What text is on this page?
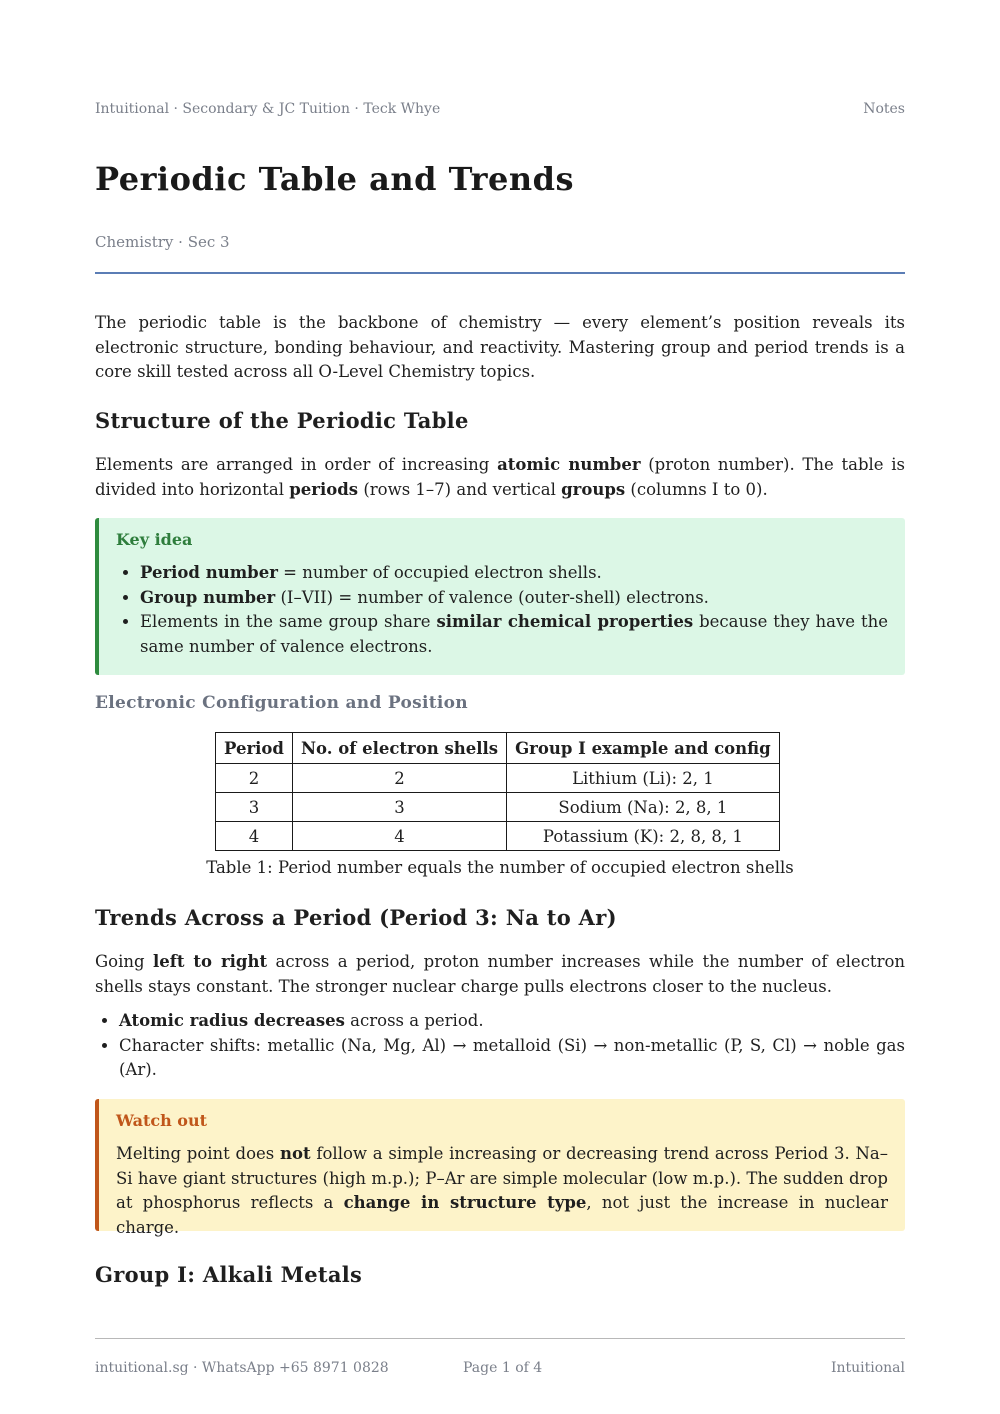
Intuitional · Secondary & JC Tuition · Teck Whye	Notes
Periodic Table and Trends
Chemistry · Sec 3

The periodic table is the backbone of chemistry — every element’s position reveals its electronic structure, bonding behaviour, and reactivity. Mastering group and period trends is a core skill tested across all O-Level Chemistry topics.

Structure of the Periodic Table

Elements are arranged in order of increasing atomic number (proton number). The table is divided into horizontal periods (rows 1–7) and vertical groups (columns I to 0).

Key idea
• Period number = number of occupied electron shells.
• Group number (I–VII) = number of valence (outer-shell) electrons.
• Elements in the same group share similar chemical properties because they have the same number of valence electrons.
Electronic Configuration and Position
Period	No. of electron shells	Group I example and config
2	2	Lithium (Li): 2, 1
3	3	Sodium (Na): 2, 8, 1
4	4	Potassium (K): 2, 8, 8, 1
Table 1: Period number equals the number of occupied electron shells
Trends Across a Period (Period 3: Na to Ar)

Going left to right across a period, proton number increases while the number of electron shells stays constant. The stronger nuclear charge pulls electrons closer to the nucleus.

• Atomic radius decreases across a period.
• Character shifts: metallic (Na, Mg, Al) → metalloid (Si) → non-metallic (P, S, Cl) → noble gas (Ar).
Watch out

Melting point does not follow a simple increasing or decreasing trend across Period 3. Na–Si have giant structures (high m.p.); P–Ar are simple molecular (low m.p.). The sudden drop at phosphorus reflects a change in structure type, not just the increase in nuclear charge.

Group I: Alkali Metals
intuitional.sg · WhatsApp +65 8971 0828	Page 1 of 4	Intuitional
